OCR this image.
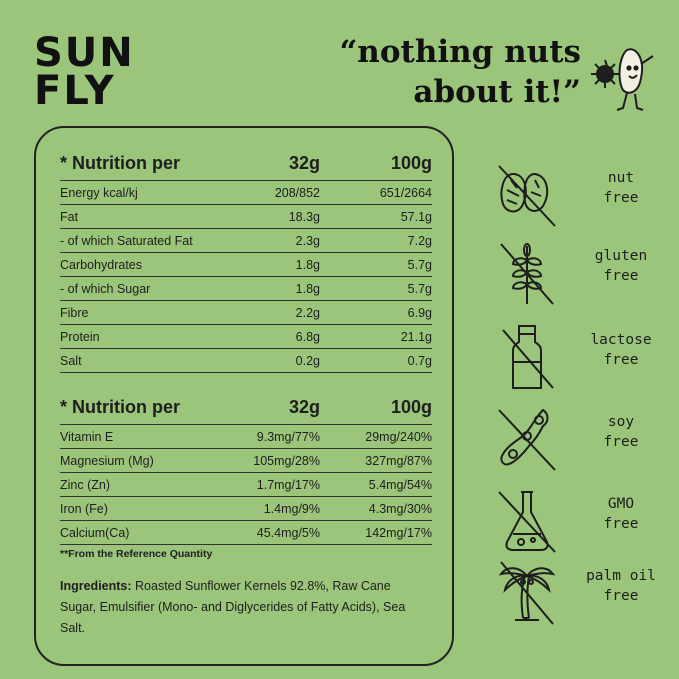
SUN
FLY
“nothing nuts
about it!”
* Nutrition per	32g	100g
Energy kcal/kj	208/852	651/2664
Fat	18.3g	57.1g
- of which Saturated Fat	2.3g	7.2g
Carbohydrates	1.8g	5.7g
- of which Sugar	1.8g	5.7g
Fibre	2.2g	6.9g
Protein	6.8g	21.1g
Salt	0.2g	0.7g
* Nutrition per	32g	100g
Vitamin E	9.3mg/77%	29mg/240%
Magnesium (Mg)	105mg/28%	327mg/87%
Zinc (Zn)	1.7mg/17%	5.4mg/54%
Iron (Fe)	1.4mg/9%	4.3mg/30%
Calcium(Ca)	45.4mg/5%	142mg/17%
**From the Reference Quantity
Ingredients: Roasted Sunflower Kernels 92.8%, Raw Cane Sugar, Emulsifier (Mono- and Diglycerides of Fatty Acids), Sea Salt.
nut
free
gluten
free
lactose
free
soy
free
GMO
free
palm oil
free
